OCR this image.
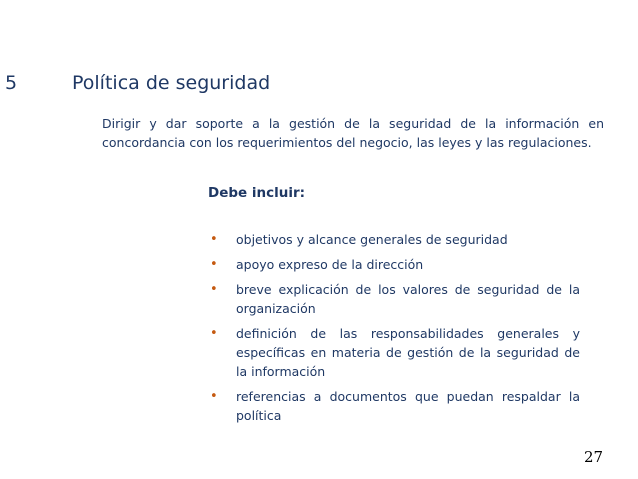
5	Política de seguridad
Dirigir y dar soporte a la gestión de la seguridad de la información en concordancia con los requerimientos del negocio, las leyes y las regulaciones.
Debe incluir:
• objetivos y alcance generales de seguridad
• apoyo expreso de la dirección
• breve explicación de los valores de seguridad de la organización
• definición de las responsabilidades generales y específicas en materia de gestión de la seguridad de la información
• referencias a documentos que puedan respaldar la política
27
